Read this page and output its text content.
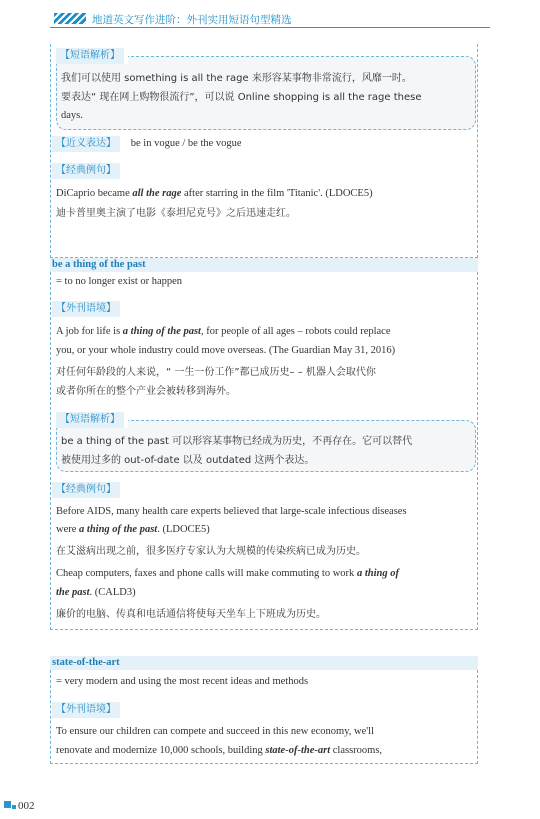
地道英文写作进阶：外刊实用短语句型精选
【短语解析】
我们可以使用 something is all the rage 来形容某事物非常流行，风靡一时。
要表达“ 现在网上购物很流行”，可以说 Online shopping is all the rage these
days.
【近义表达】 be in vogue / be the vogue
【经典例句】
DiCaprio became all the rage after starring in the film 'Titanic'. (LDOCE5)
迪卡普里奥主演了电影《泰坦尼克号》之后迅速走红。
be a thing of the past
= to no longer exist or happen
【外刊语境】
A job for life is a thing of the past, for people of all ages – robots could replace
you, or your whole industry could move overseas. (The Guardian May 31, 2016)
对任何年龄段的人来说，“ 一生一份工作”都已成历史– – 机器人会取代你
或者你所在的整个产业会被转移到海外。
【短语解析】
be a thing of the past 可以形容某事物已经成为历史，不再存在。它可以替代
被使用过多的 out-of-date 以及 outdated 这两个表达。
【经典例句】
Before AIDS, many health care experts believed that large-scale infectious diseases
were a thing of the past. (LDOCE5)
在艾滋病出现之前，很多医疗专家认为大规模的传染疾病已成为历史。
Cheap computers, faxes and phone calls will make commuting to work a thing of
the past. (CALD3)
廉价的电脑、传真和电话通信将使每天坐车上下班成为历史。
state-of-the-art
= very modern and using the most recent ideas and methods
【外刊语境】
To ensure our children can compete and succeed in this new economy, we'll
renovate and modernize 10,000 schools, building state-of-the-art classrooms,
002
